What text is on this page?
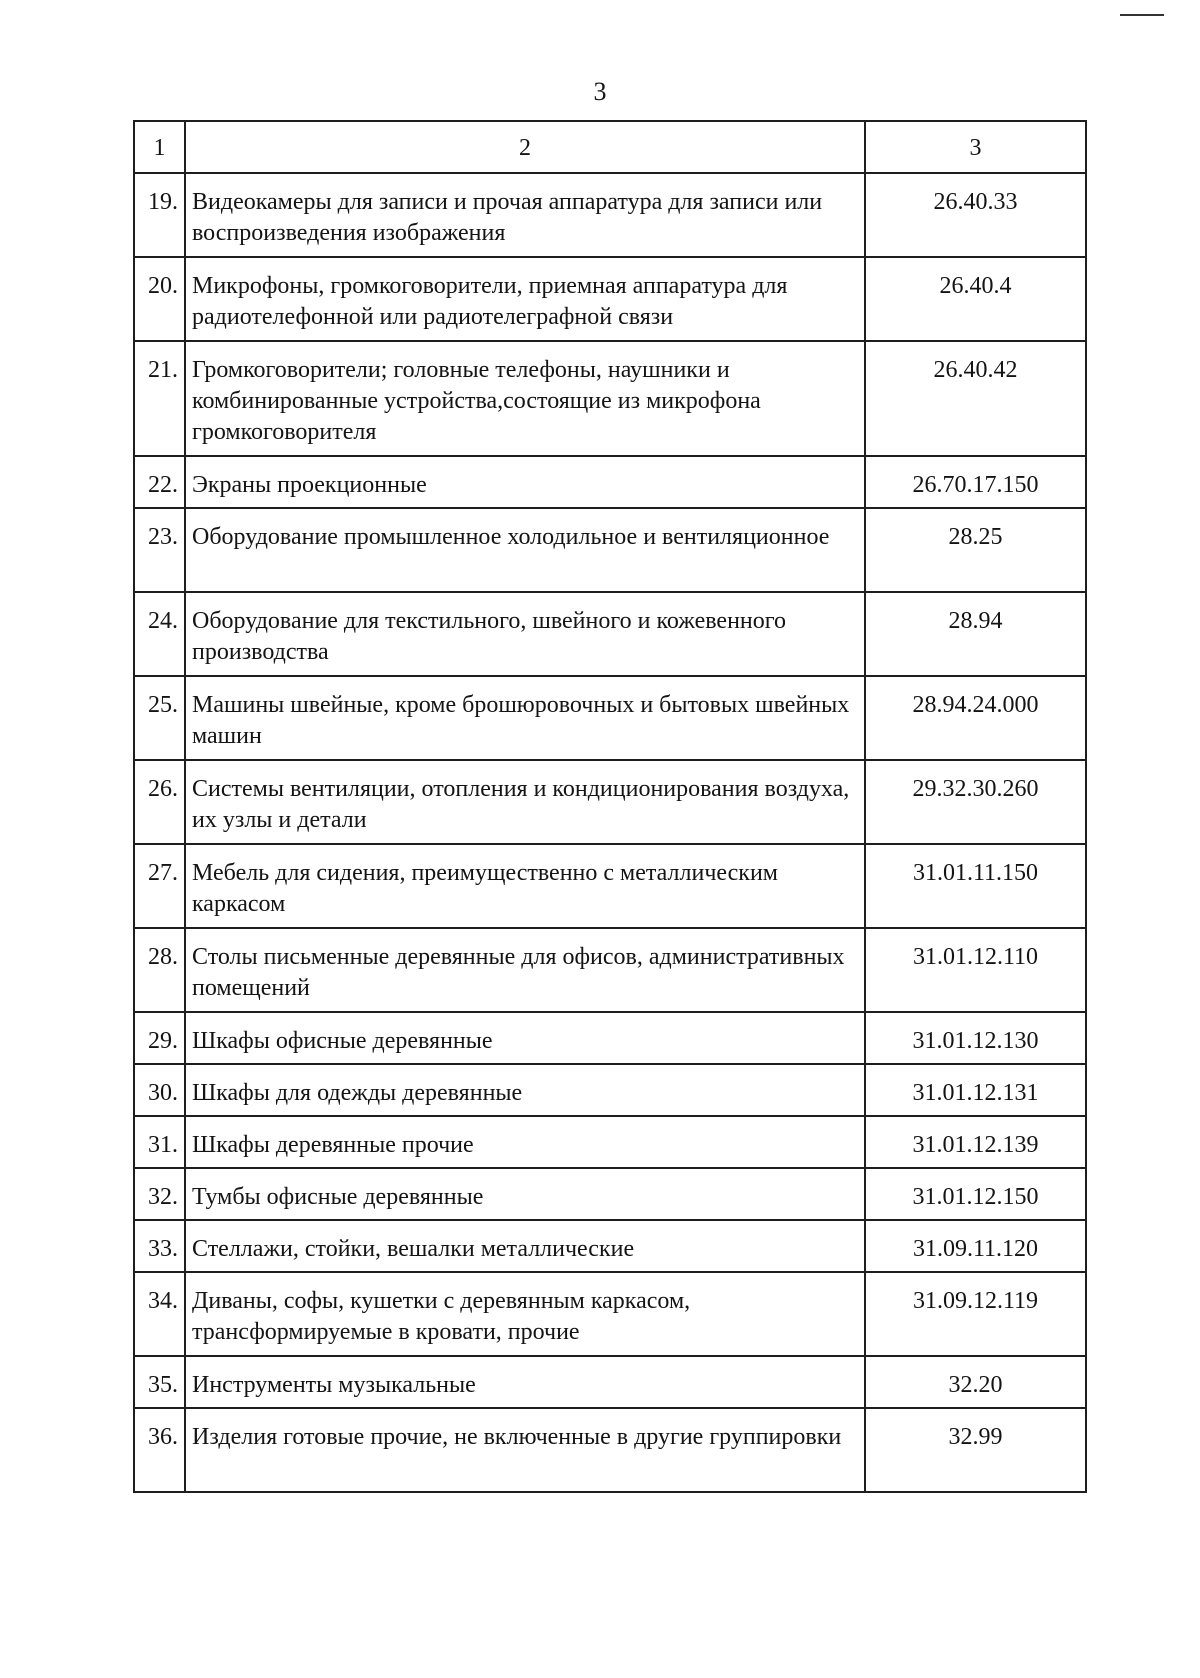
3
1	2	3
19.	Видеокамеры для записи и прочая аппаратура для записи или воспроизведения изображения	26.40.33
20.	Микрофоны, громкоговорители, приемная аппаратура для радиотелефонной или радиотелеграфной связи	26.40.4
21.	Громкоговорители; головные телефоны, наушники и комбинированные устройства,состоящие из микрофона громкоговорителя	26.40.42
22.	Экраны проекционные	26.70.17.150
23.	Оборудование промышленное холодильное и вентиляционное	28.25
24.	Оборудование для текстильного, швейного и кожевенного производства	28.94
25.	Машины швейные, кроме брошюровочных и бытовых швейных машин	28.94.24.000
26.	Системы вентиляции, отопления и кондиционирования воздуха, их узлы и детали	29.32.30.260
27.	Мебель для сидения, преимущественно с металлическим каркасом	31.01.11.150
28.	Столы письменные деревянные для офисов, административных помещений	31.01.12.110
29.	Шкафы офисные деревянные	31.01.12.130
30.	Шкафы для одежды деревянные	31.01.12.131
31.	Шкафы деревянные прочие	31.01.12.139
32.	Тумбы офисные деревянные	31.01.12.150
33.	Стеллажи, стойки, вешалки металлические	31.09.11.120
34.	Диваны, софы, кушетки с деревянным каркасом, трансформируемые в кровати, прочие	31.09.12.119
35.	Инструменты музыкальные	32.20
36.	Изделия готовые прочие, не включенные в другие группировки	32.99
